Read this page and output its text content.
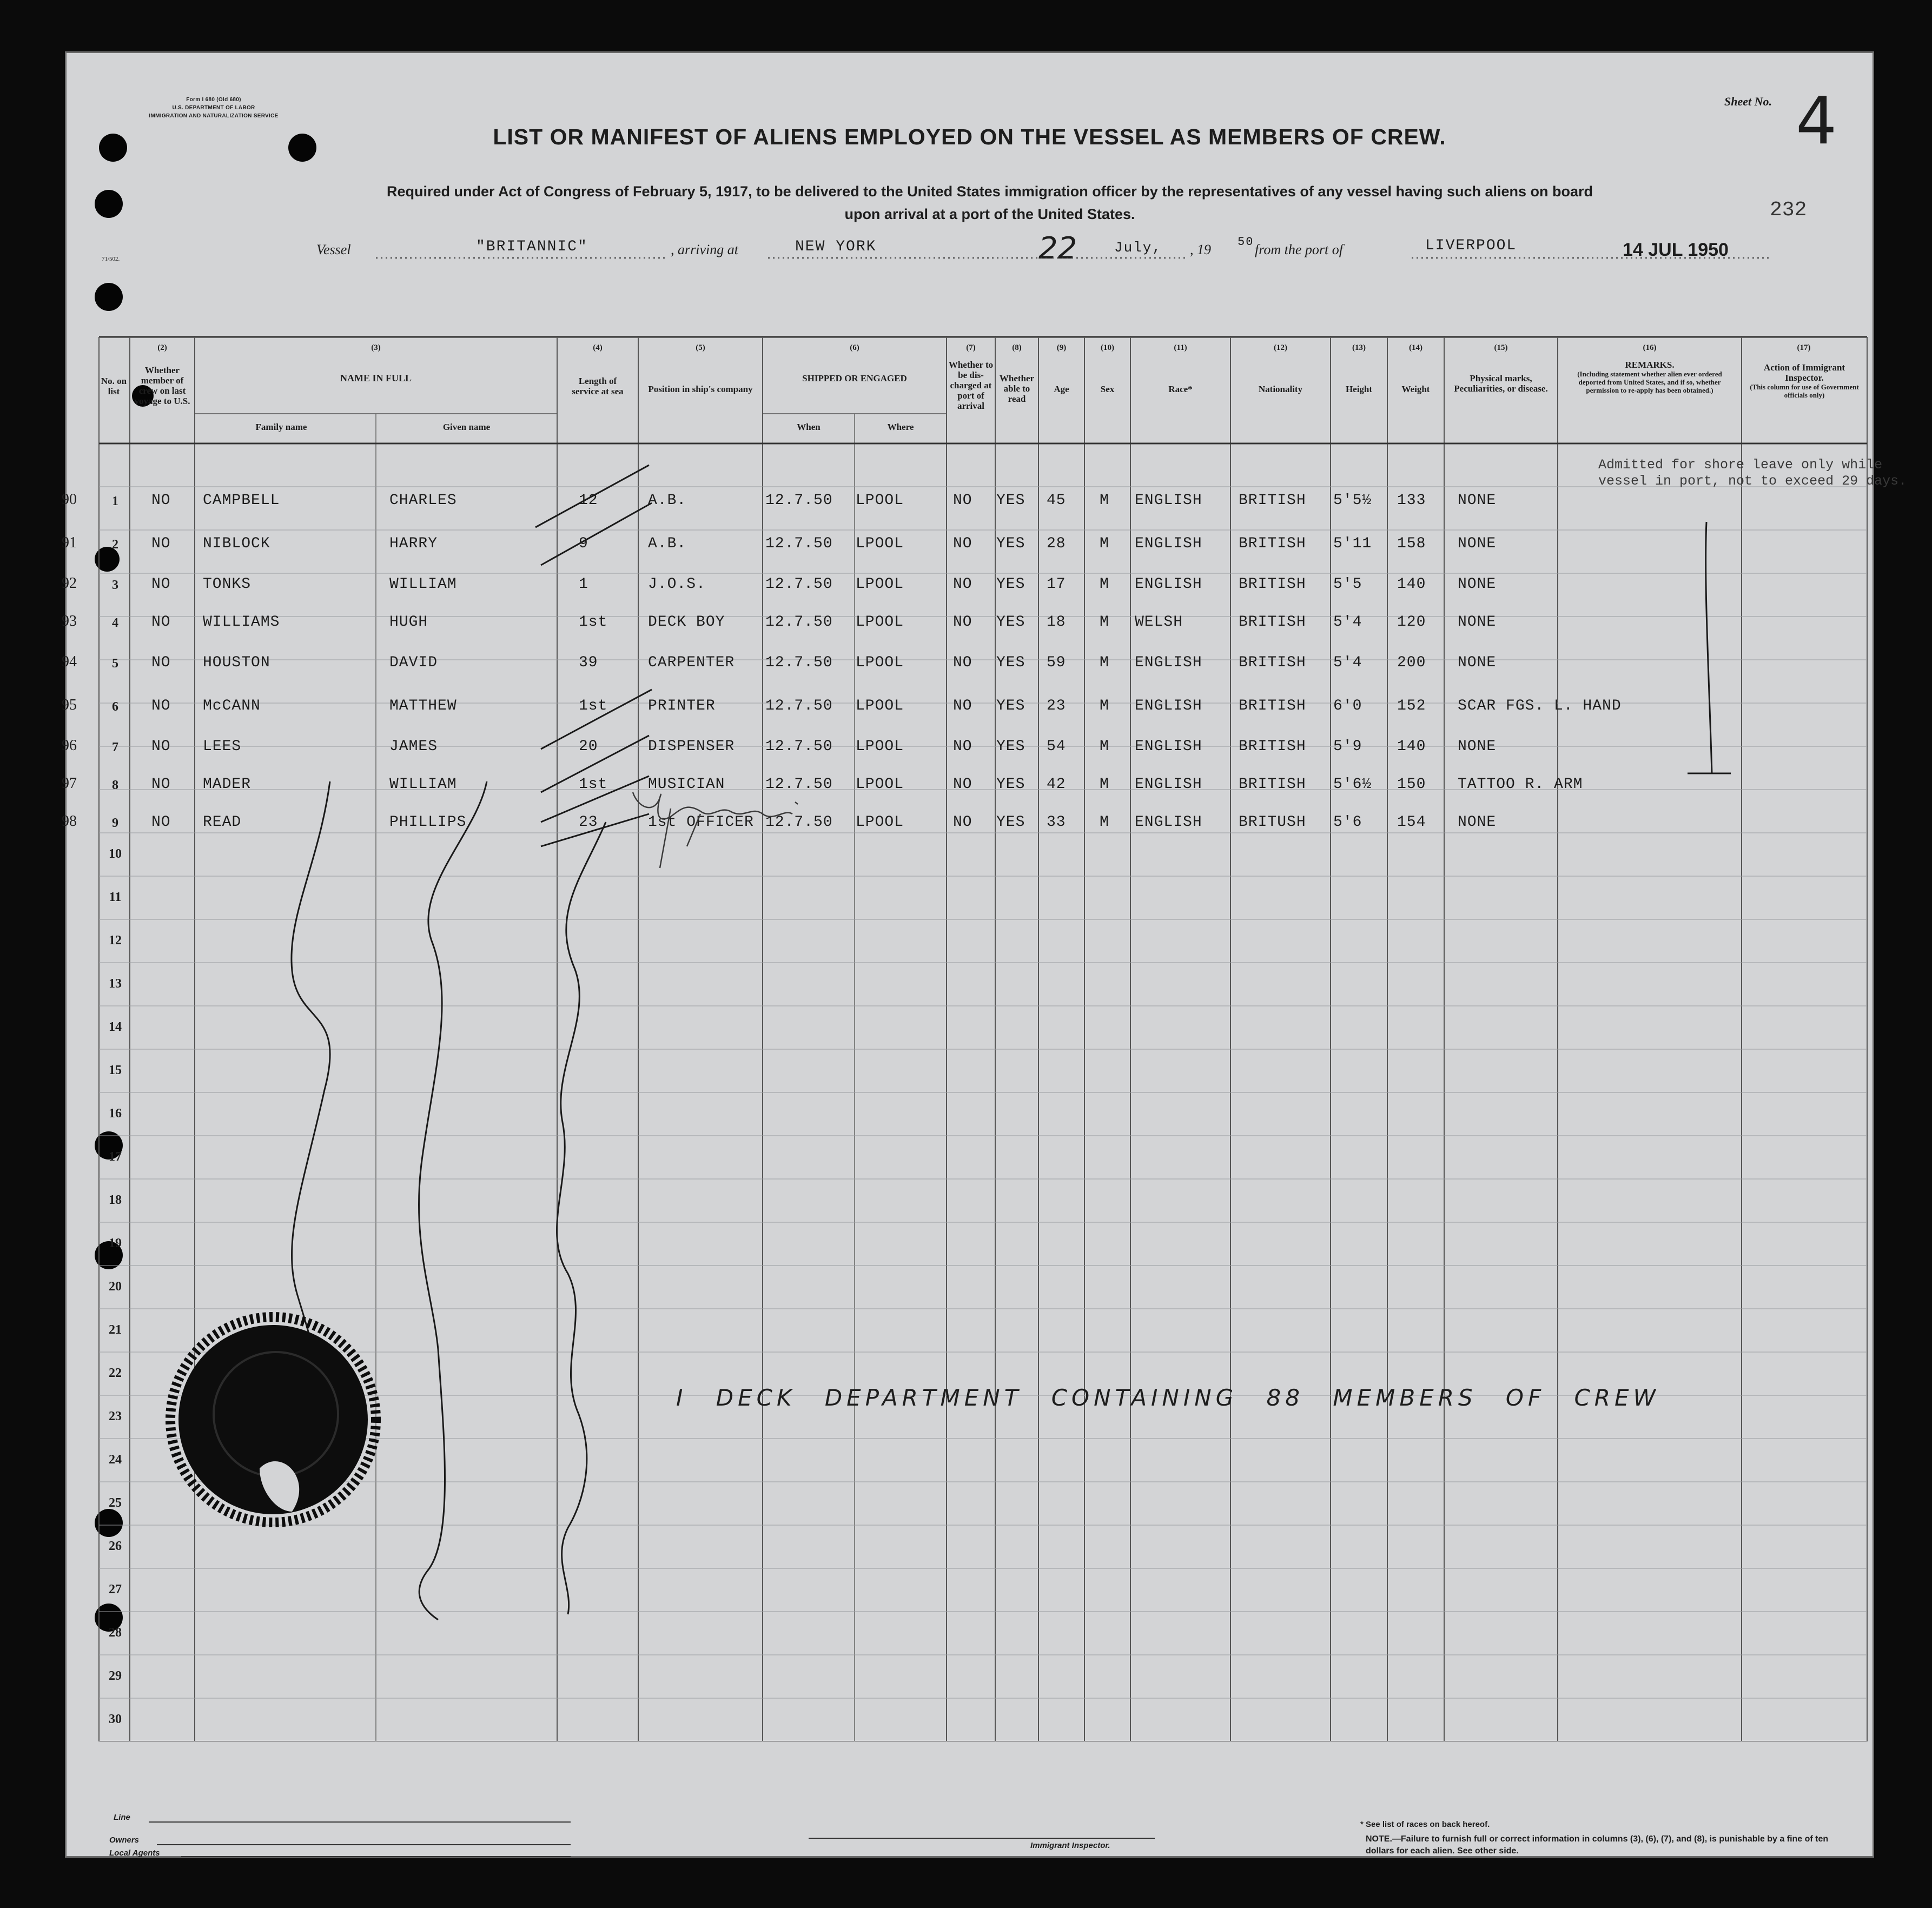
Form I 680 (Old 680)
U.S. DEPARTMENT OF LABOR
IMMIGRATION AND NATURALIZATION SERVICE
71/502.
Sheet No. 4
232
LIST OR MANIFEST OF ALIENS EMPLOYED ON THE VESSEL AS MEMBERS OF CREW.
Required under Act of Congress of February 5, 1917, to be delivered to the United States immigration officer by the representatives of any vessel having such aliens on board
upon arrival at a port of the United States.
Vessel	"BRITANNIC"	, arriving at	NEW YORK	22	July, , 19 50 from the port of	LIVERPOOL	14 JUL 1950
(2)	(3)	(4)	(5)	(6)	(7)	(8)	(9)	(10)	(11)	(12)	(13)	(14)	(15)	(16)	(17)
No. on list
Whether member of crew on last voyage to U.S.
NAME IN FULL
Family name	Given name
Length of service at sea	Position in ship's company
SHIPPED OR ENGAGED
When	Where
Whether to be dis-charged at port of arrival
Whether able to read
Age	Sex	Race*	Nationality	Height	Weight
Physical marks, Peculiarities, or disease.
REMARKS.
(Including statement whether alien ever ordered deported from United States, and if so, whether permission to re-apply has been obtained.)
Action of Immigrant Inspector.
(This column for use of Government officials only)
90	1	NO CAMPBELL	CHARLES	12	A.B.	12.7.50 LPOOL	NO YES 45 M ENGLISH BRITISH 5'5½ 133 NONE
91	2	NO NIBLOCK	HARRY	9	A.B.	12.7.50 LPOOL	NO YES 28 M ENGLISH BRITISH 5'11 158 NONE
92	3	NO TONKS	WILLIAM	1	J.O.S.	12.7.50 LPOOL	NO YES 17 M ENGLISH BRITISH 5'5 140 NONE
93	4	NO WILLIAMS	HUGH	1st	DECK BOY	12.7.50 LPOOL	NO YES 18 M WELSH	BRITISH 5'4 120 NONE
94	5	NO HOUSTON	DAVID	39	CARPENTER 12.7.50 LPOOL	NO YES 59 M ENGLISH BRITISH 5'4 200 NONE
95	6	NO McCANN	MATTHEW	1st	PRINTER	12.7.50 LPOOL	NO YES 23 M ENGLISH BRITISH 6'0 152 SCAR FGS. L. HAND
96	7	NO LEES	JAMES	20	DISPENSER 12.7.50 LPOOL	NO YES 54 M ENGLISH BRITISH 5'9 140 NONE
97	8	NO MADER	WILLIAM	1st	MUSICIAN	12.7.50 LPOOL	NO YES 42 M ENGLISH BRITISH 5'6½ 150 TATTOO R. ARM
98	9	NO READ	PHILLIPS	23	1st OFFICER 12.7.50 LPOOL	NO YES 33 M ENGLISH BRITUSH 5'6 154 NONE
10
11
12
13
14
15
16
17
18
19
20
21
22
23
24
25
26
27
28
29
30
Admitted for shore leave only while vessel in port, not to exceed 29 days.
I DECK DEPARTMENT CONTAINING 88 MEMBERS OF CREW
Line
Owners
Local Agents
Immigrant Inspector.
* See list of races on back hereof.
NOTE.—Failure to furnish full or correct information in columns (3), (6), (7), and (8), is punishable by a fine of ten dollars for each alien. See other side.
